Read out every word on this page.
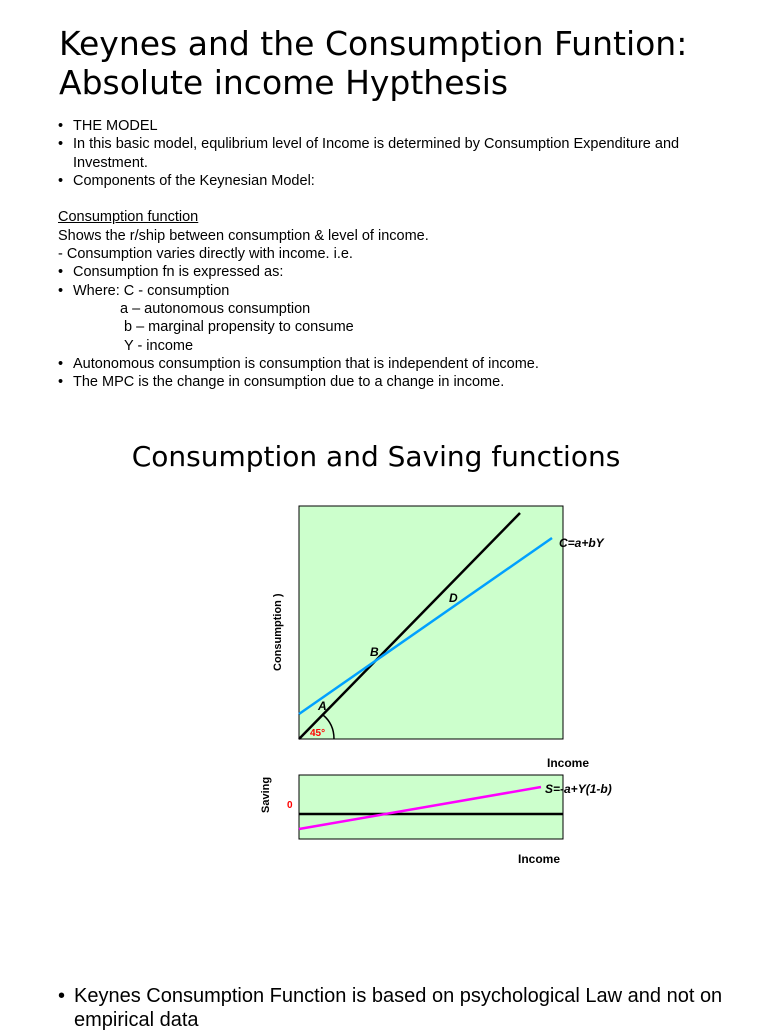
Keynes and the Consumption Funtion: Absolute income Hypthesis
• THE MODEL
• In this basic model, equlibrium level of Income is determined by Consumption Expenditure and Investment.
• Components of the Keynesian Model:
Consumption function
Shows the r/ship between consumption & level of income.
- Consumption varies directly with income. i.e.
• Consumption fn is expressed as:
• Where: C - consumption
a – autonomous consumption
b – marginal propensity to consume
Y - income
• Autonomous consumption is consumption that is independent of income.
• The MPC is the change in consumption due to a change in income.
Consumption and Saving functions
45°
A
B
D
C=a+bY
Consumption )
Income
S=-a+Y(1-b)
0
Saving
Income
• Keynes Consumption Function is based on psychological Law and not on empirical data
